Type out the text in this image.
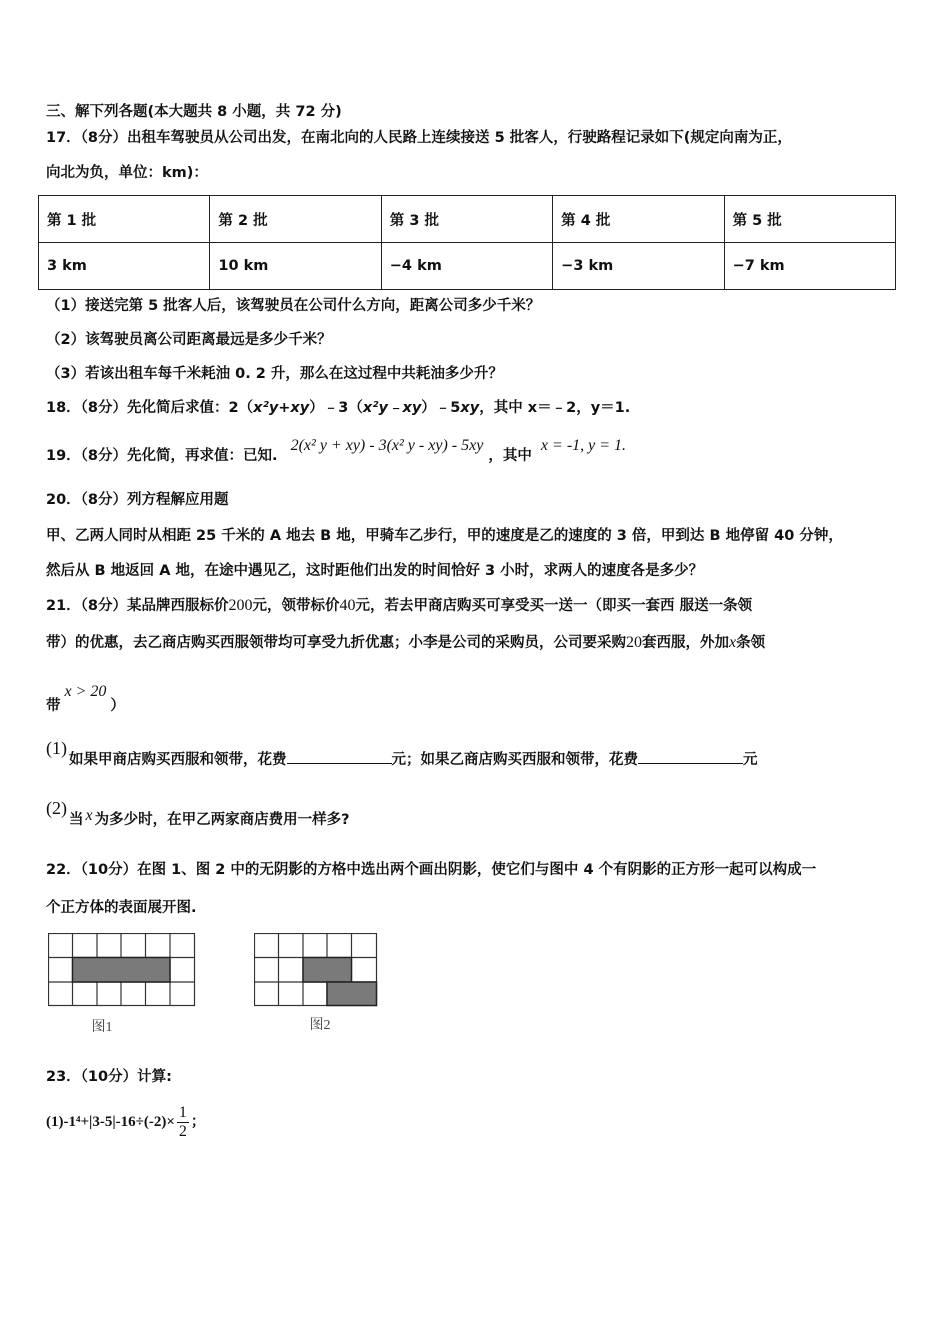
三、解下列各题(本大题共 8 小题，共 72 分)
17．（8分）出租车驾驶员从公司出发，在南北向的人民路上连续接送 5 批客人，行驶路程记录如下(规定向南为正，
向北为负，单位：km)：
第 1 批	第 2 批	第 3 批	第 4 批	第 5 批
3 km	10 km	−4 km	−3 km	−7 km
（1）接送完第 5 批客人后，该驾驶员在公司什么方向，距离公司多少千米？
（2）该驾驶员离公司距离最远是多少千米？
（3）若该出租车每千米耗油 0. 2 升，那么在这过程中共耗油多少升？
18．（8分）先化简后求值：2（x²y+xy）﹣3（x²y﹣xy）﹣5xy，其中 x＝﹣2，y＝1.
19．（8分）先化简，再求值：已知. 2(x² y + xy) - 3(x² y - xy) - 5xy ，其中 x = -1, y = 1.
20．（8分）列方程解应用题
甲、乙两人同时从相距 25 千米的 A 地去 B 地，甲骑车乙步行，甲的速度是乙的速度的 3 倍，甲到达 B 地停留 40 分钟，
然后从 B 地返回 A 地，在途中遇见乙，这时距他们出发的时间恰好 3 小时，求两人的速度各是多少？
21．（8分）某品牌西服标价200元，领带标价40元，若去甲商店购买可享受买一送一（即买一套西 服送一条领
带）的优惠，去乙商店购买西服领带均可享受九折优惠；小李是公司的采购员，公司要采购20套西服，外加x条领
带x > 20）
(1)如果甲商店购买西服和领带，花费	元；如果乙商店购买西服和领带，花费	元
(2)当 x 为多少时，在甲乙两家商店费用一样多?
22．（10分）在图 1、图 2 中的无阴影的方格中选出两个画出阴影，使它们与图中 4 个有阴影的正方形一起可以构成一
个正方体的表面展开图.
图1	图2
23．（10分）计算:
$(1)-1^4+|3-5|-16\div(-2)\times \frac{1}{2}$ ；
